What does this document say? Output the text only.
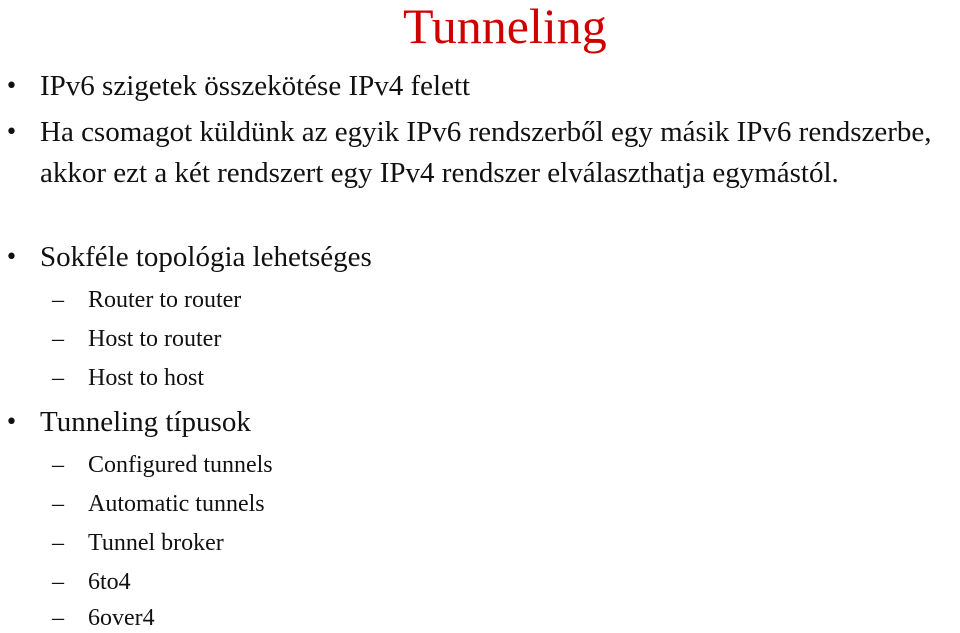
Tunneling
• IPv6 szigetek összekötése IPv4 felett
• Ha csomagot küldünk az egyik IPv6 rendszerből egy másik IPv6 rendszerbe, akkor ezt a két rendszert egy IPv4 rendszer elválaszthatja egymástól.
• Sokféle topológia lehetséges
– Router to router
– Host to router
– Host to host
• Tunneling típusok
– Configured tunnels
– Automatic tunnels
– Tunnel broker
– 6to4
– 6over4
